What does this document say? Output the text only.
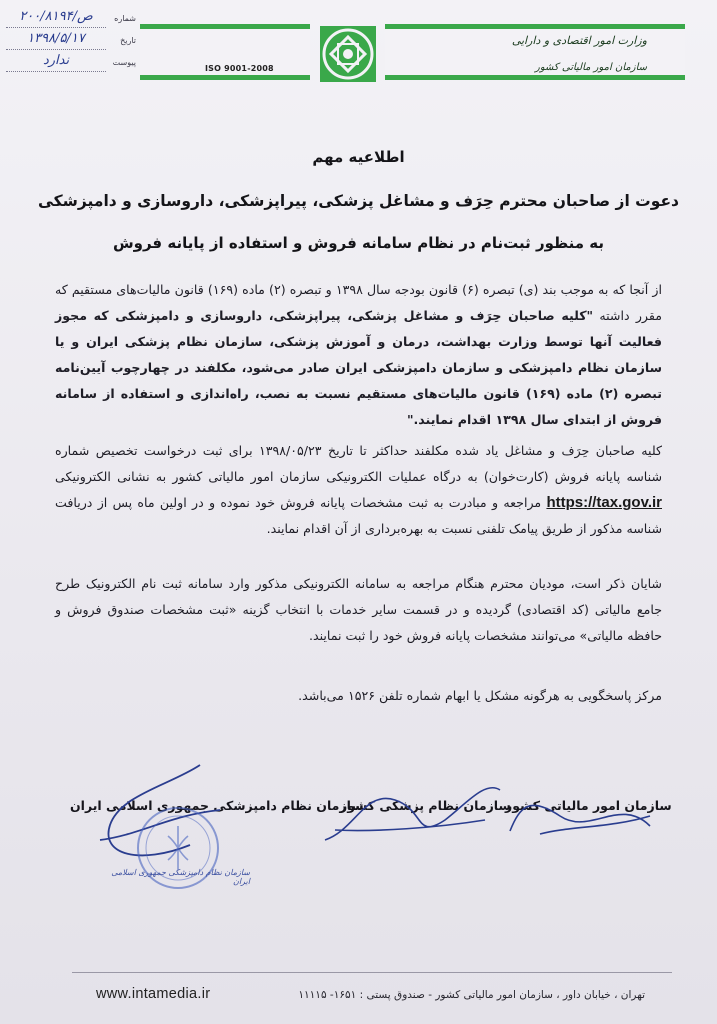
ISO 9001-2008
وزارت امور اقتصادی و دارایی
سازمان امور مالیاتی کشور
شماره
تاریخ
پیوست
۲۰۰/۸۱۹۴/ص
۱۳۹۸/۵/۱۷
ندارد
اطلاعیه مهم
دعوت از صاحبان محترم حِرَف و مشاغل پزشکی، پیراپزشکی، داروسازی و دامپزشکی
به منظور ثبت‌نام در نظام سامانه فروش و استفاده از پایانه فروش
از آنجا که به موجب بند (ی) تبصره (۶) قانون بودجه سال ۱۳۹۸ و تبصره (۲) ماده (۱۶۹) قانون مالیات‌های مستقیم که مقرر داشته "کلیه صاحبان حِرَف و مشاغل پزشکی، پیراپزشکی، داروسازی و دامپزشکی که مجوز فعالیت آنها توسط وزارت بهداشت، درمان و آموزش پزشکی، سازمان نظام پزشکی ایران و یا سازمان نظام دامپزشکی و سازمان دامپزشکی ایران صادر می‌شود، مکلفند در چهارچوب آیین‌نامه تبصره (۲) ماده (۱۶۹) قانون مالیات‌های مستقیم نسبت به نصب، راه‌اندازی و استفاده از سامانه فروش از ابتدای سال ۱۳۹۸ اقدام نمایند."
کلیه صاحبان حِرَف و مشاغل یاد شده مکلفند حداکثر تا تاریخ ۱۳۹۸/۰۵/۲۳ برای ثبت درخواست تخصیص شماره شناسه پایانه فروش (کارت‌خوان) به درگاه عملیات الکترونیکی سازمان امور مالیاتی کشور به نشانی الکترونیکی https://tax.gov.ir مراجعه و مبادرت به ثبت مشخصات پایانه فروش خود نموده و در اولین ماه پس از دریافت شناسه مذکور از طریق پیامک تلفنی نسبت به بهره‌برداری از آن اقدام نمایند.
شایان ذکر است، مودیان محترم هنگام مراجعه به سامانه الکترونیکی مذکور وارد سامانه ثبت نام الکترونیک طرح جامع مالیاتی (کد اقتصادی) گردیده و در قسمت سایر خدمات با انتخاب گزینه «ثبت مشخصات صندوق فروش و حافظه مالیاتی» می‌توانند مشخصات پایانه فروش خود را ثبت نمایند.
مرکز پاسخگویی به هرگونه مشکل یا ابهام شماره تلفن ۱۵۲۶ می‌باشد.
سازمان امور مالیاتی کشور
سازمان نظام پزشکی کشور
سازمان نظام دامپزشکی جمهوری اسلامی ایران
سازمان نظام دامپزشکی جمهوری اسلامی ایران
تهران ، خیابان داور ، سازمان امور مالیاتی کشور - صندوق پستی : ۱۶۵۱- ۱۱۱۱۵
www.intamedia.ir
